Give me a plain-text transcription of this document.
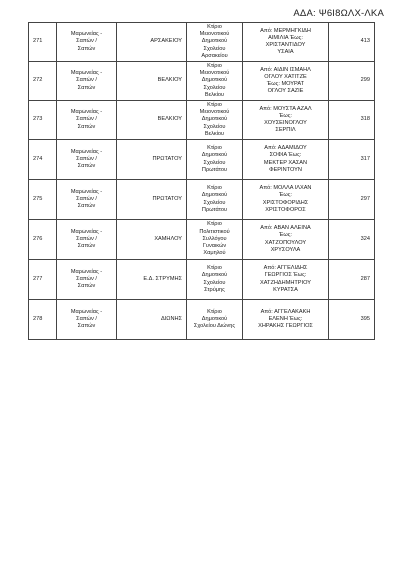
ΑΔΑ: Ψ6Ι8ΩΛΧ-ΛΚΑ
271	Μαρωνείας -
Σαπών /
Σαπών	ΑΡΣΑΚΕΙΟΥ	Κτίριο
Μειονοτικού
Δημοτικού
Σχολείου
Αρσακείου	Από: ΜΕΡΜΗΓΚΙΔΗ
ΑΙΜΙΛΙΑ Έως:
ΧΡΙΣΤΑΝΤΙΔΟΥ
ΥΣΑΙΑ	413
272	Μαρωνείας -
Σαπών /
Σαπών	ΒΕΛΚΙΟΥ	Κτίριο
Μειονοτικού
Δημοτικού
Σχολείου
Βελκίου	Από: ΑΙΔΙΝ ΙΣΜΑΗΛ
ΟΓΛΟΥ ΧΑΤΙΤΖΕ
Έως: ΜΟΥΡΑΤ
ΟΓΛΟΥ ΣΑΖΙΕ	299
273	Μαρωνείας -
Σαπών /
Σαπών	ΒΕΛΚΙΟΥ	Κτίριο
Μειονοτικού
Δημοτικού
Σχολείου
Βελκίου	Από: ΜΟΥΣΤΑ ΑΖΑΛ
Έως:
ΧΟΥΣΕΙΝΟΓΛΟΥ
ΣΕΡΠΙΛ	318
274	Μαρωνείας -
Σαπών /
Σαπών	ΠΡΩΤΑΤΟΥ	Κτίριο
Δημοτικού
Σχολείου
Πρωτάτου	Από: ΑΔΑΜΙΔΟΥ
ΣΟΦΙΑ Έως:
ΜΕΚΤΕΡ ΧΑΣΑΝ
ΦΕΡΙΝΤΟΥΝ	317
275	Μαρωνείας -
Σαπών /
Σαπών	ΠΡΩΤΑΤΟΥ	Κτίριο
Δημοτικού
Σχολείου
Πρωτάτου	Από: ΜΟΛΛΑ ΙΛΧΑΝ
Έως:
ΧΡΙΣΤΟΦΟΡΙΔΗΣ
ΧΡΙΣΤΟΦΟΡΟΣ	297
276	Μαρωνείας -
Σαπών /
Σαπών	ΧΑΜΗΛΟΥ	Κτίριο
Πολιτιστικού
Συλλόγου
Γυναικών
Χαμηλού	Από: ΑΒΑΝ ΑΛΕΙΝΑ
Έως:
ΧΑΤΖΟΠΟΥΛΟΥ
ΧΡΥΣΟΥΛΑ	324
277	Μαρωνείας -
Σαπών /
Σαπών	Ε.Δ. ΣΤΡΥΜΗΣ	Κτίριο
Δημοτικού
Σχολείου
Στρύμης	Από: ΑΓΓΕΛΙΔΗΣ
ΓΕΩΡΓΙΟΣ Έως:
ΧΑΤΖΗΔΗΜΗΤΡΙΟΥ
ΚΥΡΑΤΣΑ	287
278	Μαρωνείας -
Σαπών /
Σαπών	ΔΙΩΝΗΣ	Κτίριο
Δημοτικού
Σχολείου Διώνης	Από: ΑΓΓΕΛΑΚΑΚΗ
ΕΛΕΝΗ Έως:
ΧΗΡΑΚΗΣ ΓΕΩΡΓΙΟΣ	395
